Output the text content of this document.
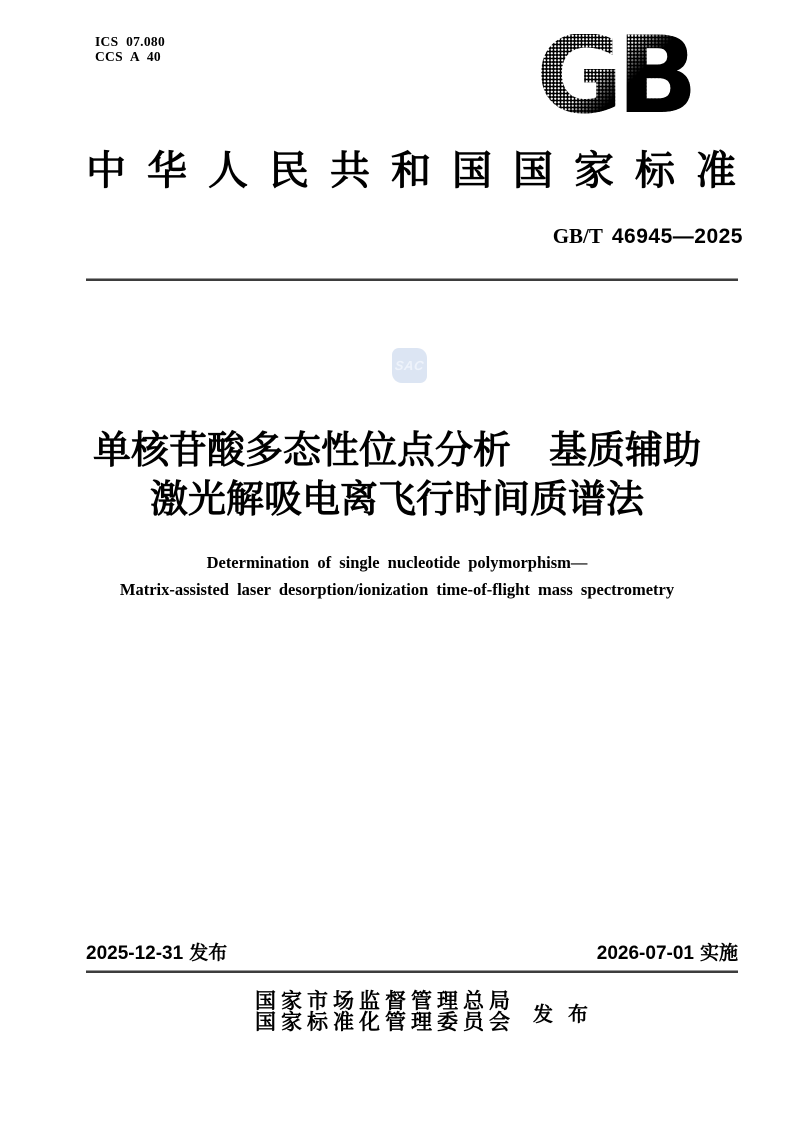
ICS 07.080
CCS A 40	GB
中华人民共和国国家标准
GB/T 46945—2025
SAC
单核苷酸多态性位点分析　基质辅助
激光解吸电离飞行时间质谱法
Determination of single nucleotide polymorphism—
Matrix-assisted laser desorption/ionization time-of-flight mass spectrometry
2025-12-31 发布	2026-07-01 实施
国家市场监督管理总局
国家标准化管理委员会 发布
